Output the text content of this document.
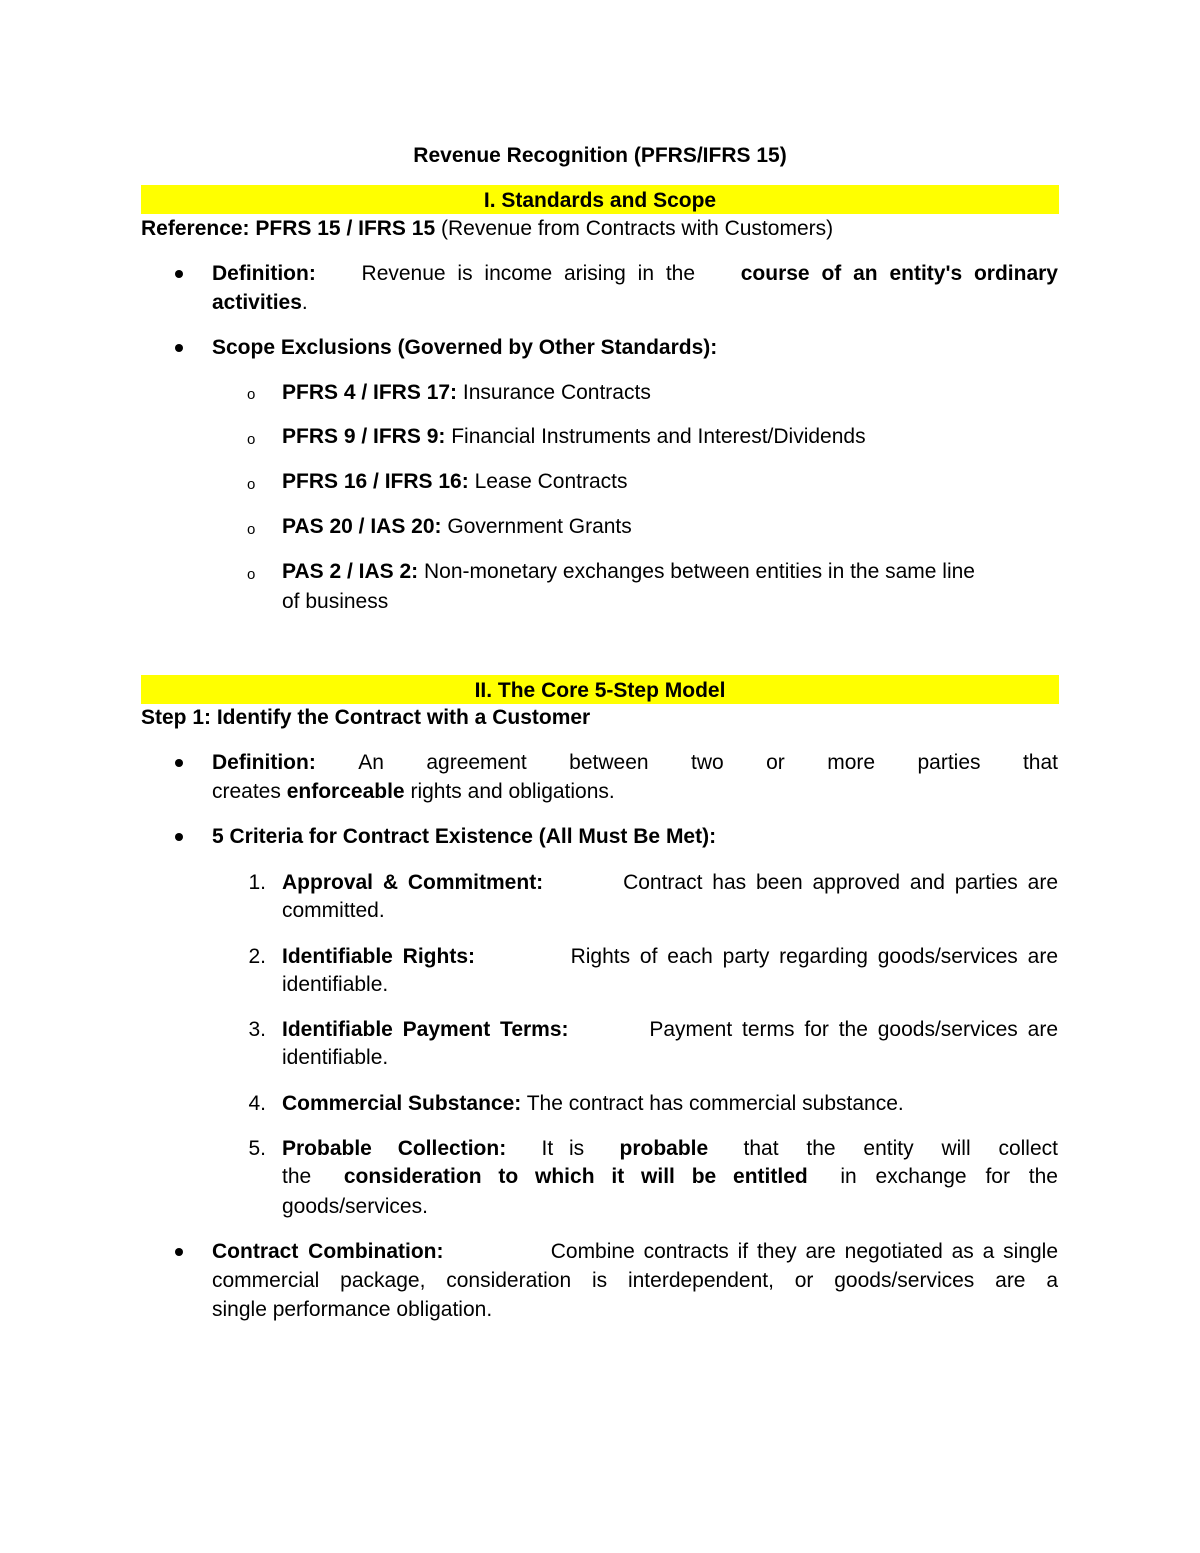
Revenue Recognition (PFRS/IFRS 15)
I. Standards and Scope
Reference: PFRS 15 / IFRS 15 (Revenue from Contracts with Customers)
Definition: Revenue is income arising in the course of an entity's ordinary
activities.
Scope Exclusions (Governed by Other Standards):
o PFRS 4 / IFRS 17: Insurance Contracts
o PFRS 9 / IFRS 9: Financial Instruments and Interest/Dividends
o PFRS 16 / IFRS 16: Lease Contracts
o PAS 20 / IAS 20: Government Grants
o PAS 2 / IAS 2: Non-monetary exchanges between entities in the same line
of business
II. The Core 5-Step Model
Step 1: Identify the Contract with a Customer
Definition: An agreement between two or more parties that
creates enforceable rights and obligations.
5 Criteria for Contract Existence (All Must Be Met):
1. Approval & Commitment:	Contract has been approved and parties are
committed.
2. Identifiable Rights:	Rights of each party regarding goods/services are
identifiable.
3. Identifiable Payment Terms:	Payment terms for the goods/services are
identifiable.
4. Commercial Substance: The contract has commercial substance.
5. Probable Collection: It is probable that the entity will collect
the consideration to which it will be entitled in exchange for the
goods/services.
Contract Combination:	Combine contracts if they are negotiated as a single
commercial package, consideration is interdependent, or goods/services are a
single performance obligation.
